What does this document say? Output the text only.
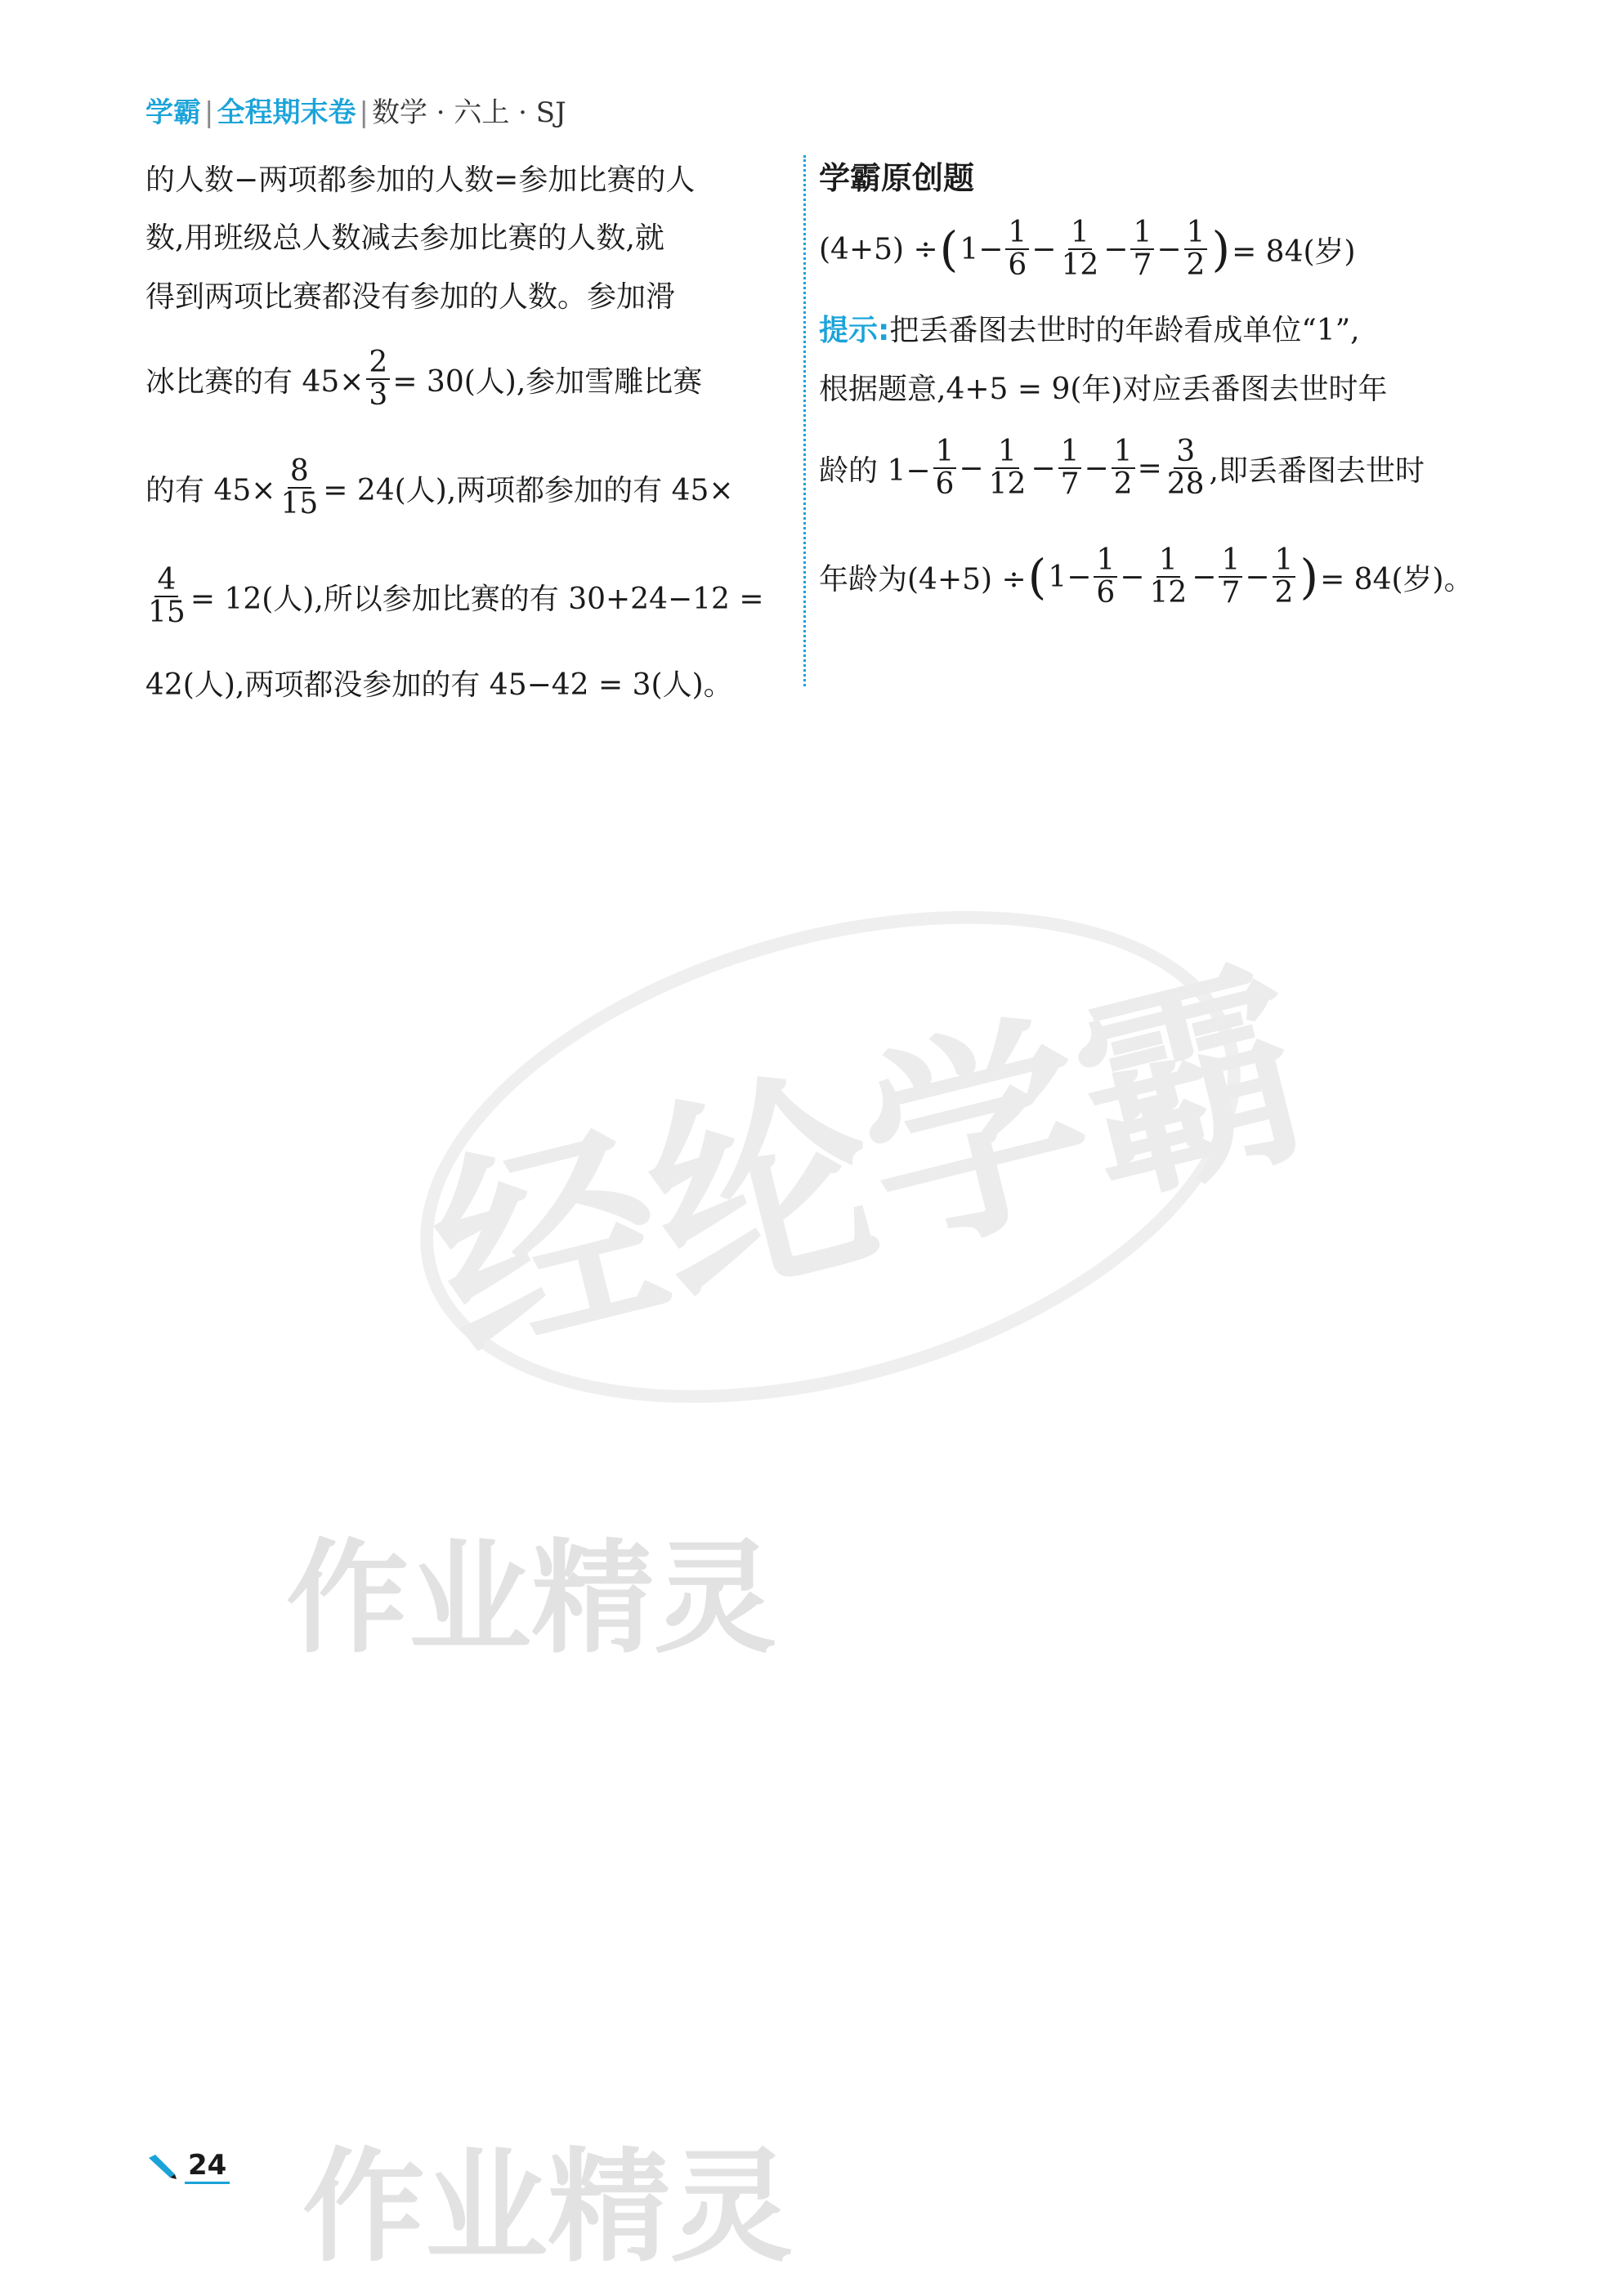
学霸 | 全程期末卷 | 数学 · 六上 · SJ
的人数−两项都参加的人数=参加比赛的人
数,用班级总人数减去参加比赛的人数,就
得到两项比赛都没有参加的人数。参加滑
冰比赛的有 $45\times \frac{2}{3} = 30$(人),参加雪雕比赛
的有 $45\times \frac{8}{15} = 24$(人),两项都参加的有 45×
$\frac{4}{15} = 12$(人),所以参加比赛的有 30+24−12 =
42(人),两项都没参加的有 45−42 = 3(人)。
学霸原创题
(4+5) ÷ ( $1- \frac{1}{6} - \frac{1}{12} - \frac{1}{7} - \frac{1}{2}$ ) = 84(岁)
提示:把丢番图去世时的年龄看成单位“1”,
根据题意,4+5 = 9(年)对应丢番图去世时年
龄的 $1- \frac{1}{6} - \frac{1}{12} - \frac{1}{7} - \frac{1}{2} = \frac{3}{28}$ ,即丢番图去世时
年龄为(4+5) ÷ ( $1- \frac{1}{6} - \frac{1}{12} - \frac{1}{7} - \frac{1}{2}$ ) = 84(岁)。
经纶学霸
作业精灵
作业精灵
24
